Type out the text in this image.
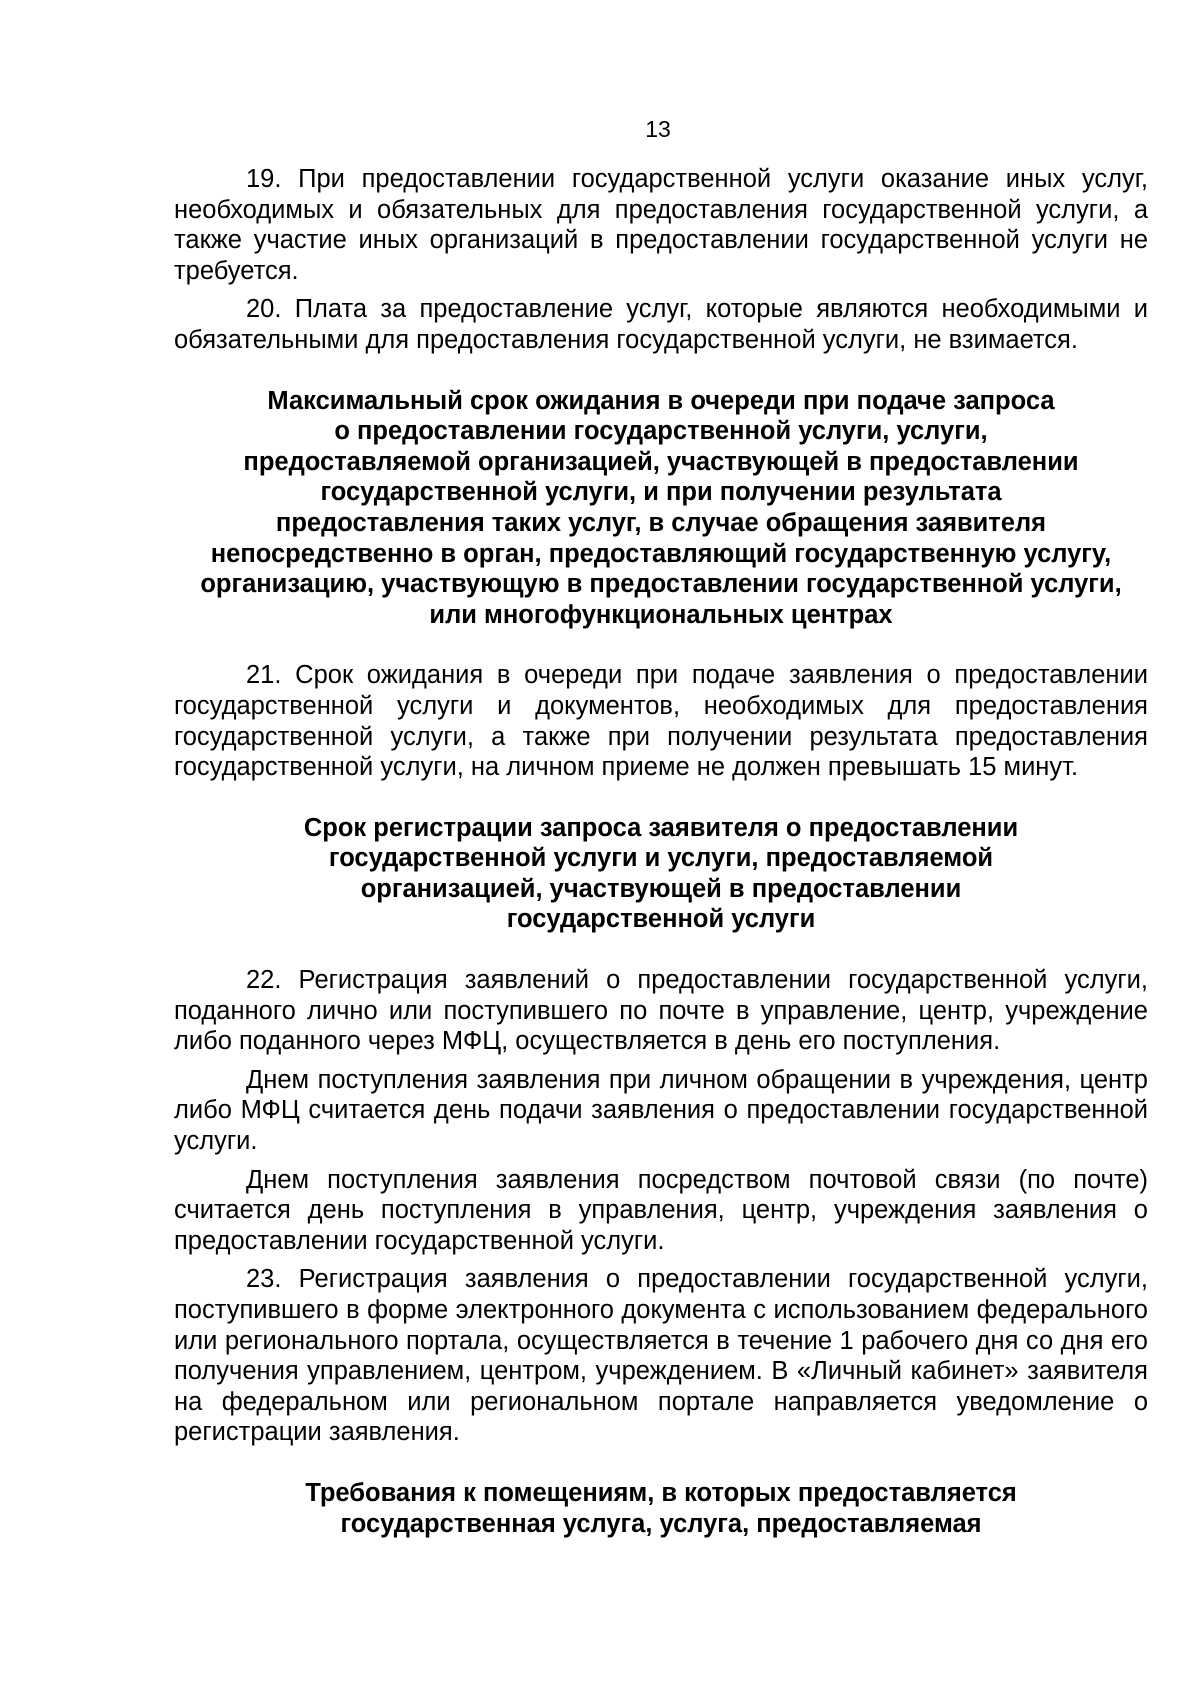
13

19. При предоставлении государственной услуги оказание иных услуг, необходимых и обязательных для предоставления государственной услуги, а также участие иных организаций в предоставлении государственной услуги не требуется.

20. Плата за предоставление услуг, которые являются необходимыми и обязательными для предоставления государственной услуги, не взимается.

Максимальный срок ожидания в очереди при подаче запроса
о предоставлении государственной услуги, услуги,
предоставляемой организацией, участвующей в предоставлении
государственной услуги, и при получении результата
предоставления таких услуг, в случае обращения заявителя
непосредственно в орган, предоставляющий государственную услугу,
организацию, участвующую в предоставлении государственной услуги,
или многофункциональных центрах

21. Срок ожидания в очереди при подаче заявления о предоставлении государственной услуги и документов, необходимых для предоставления государственной услуги, а также при получении результата предоставления государственной услуги, на личном приеме не должен превышать 15 минут.

Срок регистрации запроса заявителя о предоставлении
государственной услуги и услуги, предоставляемой
организацией, участвующей в предоставлении
государственной услуги

22. Регистрация заявлений о предоставлении государственной услуги, поданного лично или поступившего по почте в управление, центр, учреждение либо поданного через МФЦ, осуществляется в день его поступления.

Днем поступления заявления при личном обращении в учреждения, центр либо МФЦ считается день подачи заявления о предоставлении государственной услуги.

Днем поступления заявления посредством почтовой связи (по почте) считается день поступления в управления, центр, учреждения заявления о предоставлении государственной услуги.

23. Регистрация заявления о предоставлении государственной услуги, поступившего в форме электронного документа с использованием федерального или регионального портала, осуществляется в течение 1 рабочего дня со дня его получения управлением, центром, учреждением. В «Личный кабинет» заявителя на федеральном или региональном портале направляется уведомление о регистрации заявления.

Требования к помещениям, в которых предоставляется
государственная услуга, услуга, предоставляемая
